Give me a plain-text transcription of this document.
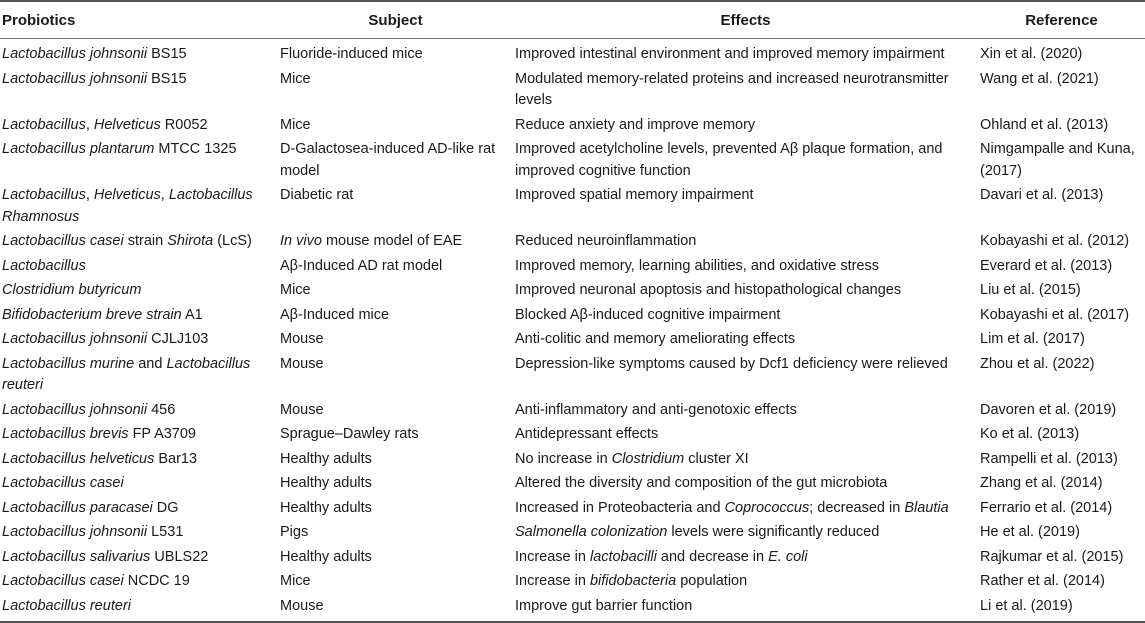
Probiotics	Subject	Effects	Reference
Lactobacillus johnsonii BS15	Fluoride-induced mice	Improved intestinal environment and improved memory impairment	Xin et al. (2020)
Lactobacillus johnsonii BS15	Mice	Modulated memory-related proteins and increased neurotransmitter levels	Wang et al. (2021)
Lactobacillus, Helveticus R0052	Mice	Reduce anxiety and improve memory	Ohland et al. (2013)
Lactobacillus plantarum MTCC 1325	D-Galactosea-induced AD-like rat model	Improved acetylcholine levels, prevented Aβ plaque formation, and improved cognitive function	Nimgampalle and Kuna, (2017)
Lactobacillus, Helveticus, Lactobacillus Rhamnosus	Diabetic rat	Improved spatial memory impairment	Davari et al. (2013)
Lactobacillus casei strain Shirota (LcS)	In vivo mouse model of EAE	Reduced neuroinflammation	Kobayashi et al. (2012)
Lactobacillus	Aβ-Induced AD rat model	Improved memory, learning abilities, and oxidative stress	Everard et al. (2013)
Clostridium butyricum	Mice	Improved neuronal apoptosis and histopathological changes	Liu et al. (2015)
Bifidobacterium breve strain A1	Aβ-Induced mice	Blocked Aβ-induced cognitive impairment	Kobayashi et al. (2017)
Lactobacillus johnsonii CJLJ103	Mouse	Anti-colitic and memory ameliorating effects	Lim et al. (2017)
Lactobacillus murine and Lactobacillus reuteri	Mouse	Depression-like symptoms caused by Dcf1 deficiency were relieved	Zhou et al. (2022)
Lactobacillus johnsonii 456	Mouse	Anti-inflammatory and anti-genotoxic effects	Davoren et al. (2019)
Lactobacillus brevis FP A3709	Sprague–Dawley rats	Antidepressant effects	Ko et al. (2013)
Lactobacillus helveticus Bar13	Healthy adults	No increase in Clostridium cluster XI	Rampelli et al. (2013)
Lactobacillus casei	Healthy adults	Altered the diversity and composition of the gut microbiota	Zhang et al. (2014)
Lactobacillus paracasei DG	Healthy adults	Increased in Proteobacteria and Coprococcus; decreased in Blautia	Ferrario et al. (2014)
Lactobacillus johnsonii L531	Pigs	Salmonella colonization levels were significantly reduced	He et al. (2019)
Lactobacillus salivarius UBLS22	Healthy adults	Increase in lactobacilli and decrease in E. coli	Rajkumar et al. (2015)
Lactobacillus casei NCDC 19	Mice	Increase in bifidobacteria population	Rather et al. (2014)
Lactobacillus reuteri	Mouse	Improve gut barrier function	Li et al. (2019)
